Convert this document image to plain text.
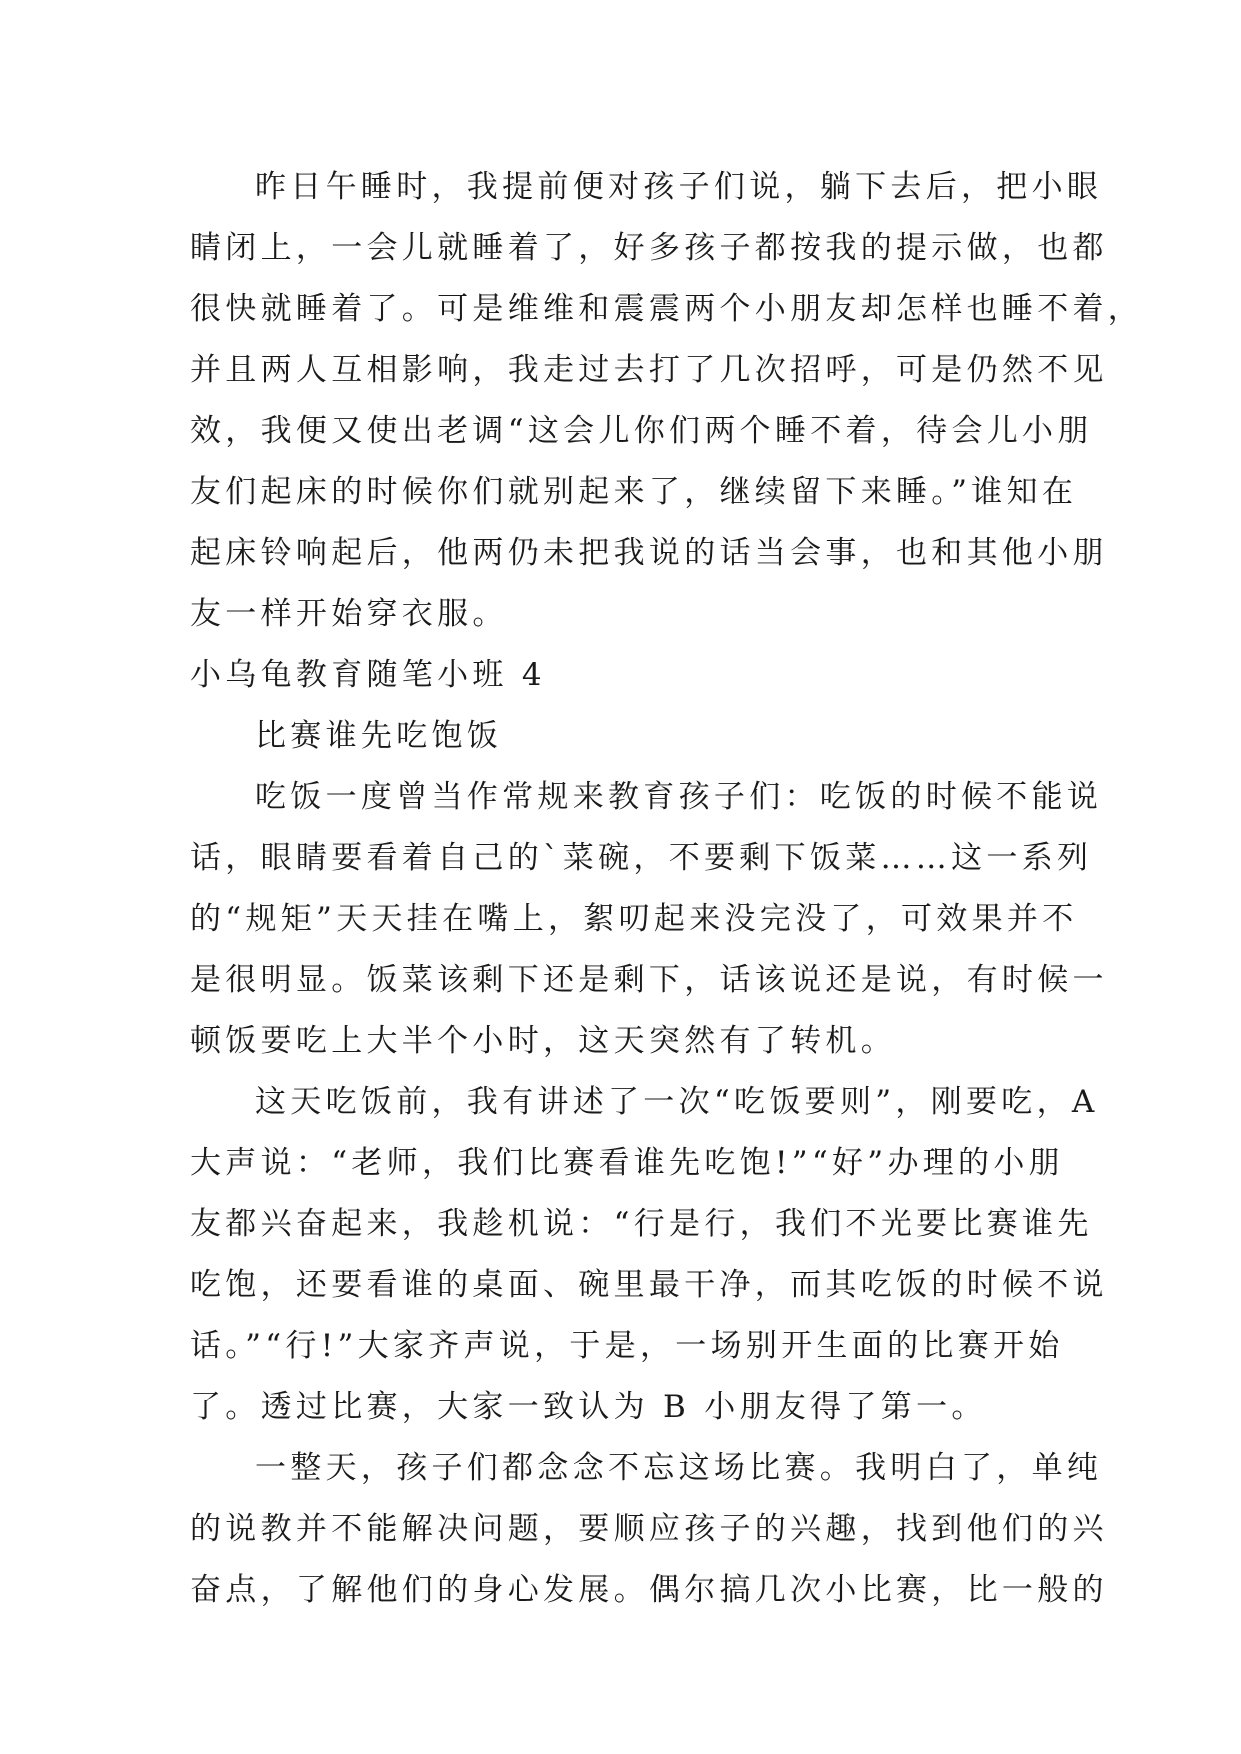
昨日午睡时，我提前便对孩子们说，躺下去后，把小眼

睛闭上，一会儿就睡着了，好多孩子都按我的提示做，也都

很快就睡着了。可是维维和震震两个小朋友却怎样也睡不着，

并且两人互相影响，我走过去打了几次招呼，可是仍然不见

效，我便又使出老调“这会儿你们两个睡不着，待会儿小朋

友们起床的时候你们就别起来了，继续留下来睡。”谁知在

起床铃响起后，他两仍未把我说的话当会事，也和其他小朋

友一样开始穿衣服。

小乌龟教育随笔小班 4

比赛谁先吃饱饭

吃饭一度曾当作常规来教育孩子们：吃饭的时候不能说

话，眼睛要看着自己的`菜碗，不要剩下饭菜……这一系列

的“规矩”天天挂在嘴上，絮叨起来没完没了，可效果并不

是很明显。饭菜该剩下还是剩下，话该说还是说，有时候一

顿饭要吃上大半个小时，这天突然有了转机。

这天吃饭前，我有讲述了一次“吃饭要则”，刚要吃，A

大声说：“老师，我们比赛看谁先吃饱!”“好”办理的小朋

友都兴奋起来，我趁机说：“行是行，我们不光要比赛谁先

吃饱，还要看谁的桌面、碗里最干净，而其吃饭的时候不说

话。”“行!”大家齐声说，于是，一场别开生面的比赛开始

了。透过比赛，大家一致认为 B 小朋友得了第一。

一整天，孩子们都念念不忘这场比赛。我明白了，单纯

的说教并不能解决问题，要顺应孩子的兴趣，找到他们的兴

奋点，了解他们的身心发展。偶尔搞几次小比赛，比一般的
